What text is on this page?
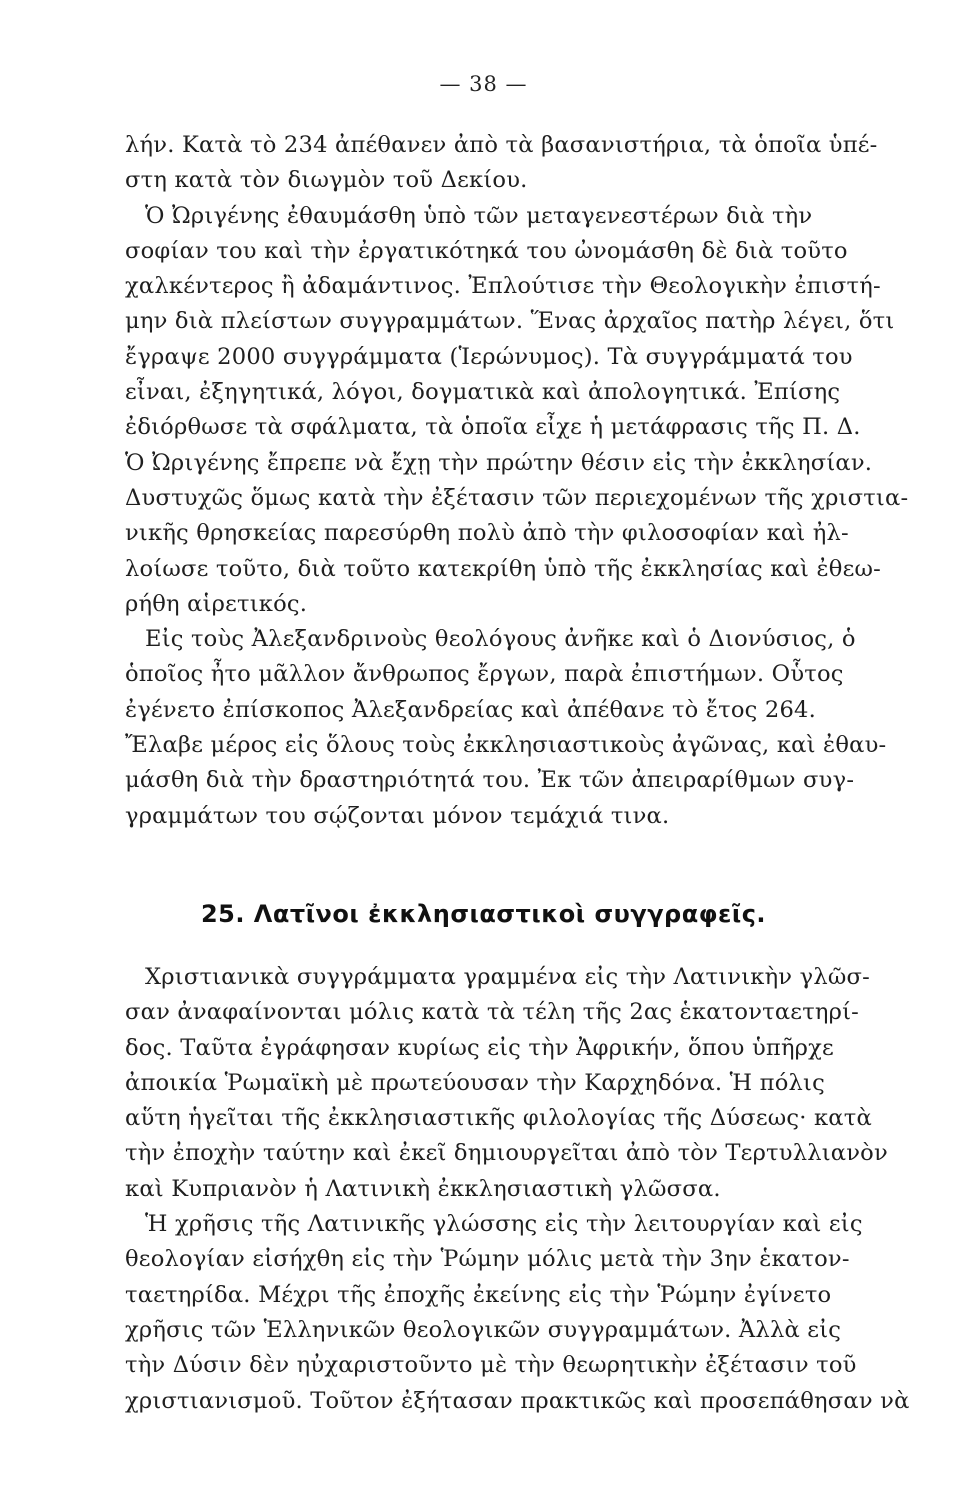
— 38 —
λήν. Κατὰ τὸ 234 ἀπέθανεν ἀπὸ τὰ βασανιστήρια, τὰ ὁποῖα ὑπέ-
στη κατὰ τὸν διωγμὸν τοῦ Δεκίου.
Ὁ Ὠριγένης ἐθαυμάσθη ὑπὸ τῶν μεταγενεστέρων διὰ τὴν
σοφίαν του καὶ τὴν ἐργατικότηκά του ὠνομάσθη δὲ διὰ τοῦτο
χαλκέντερος ἢ ἀδαμάντινος. Ἐπλούτισε τὴν Θεολογικὴν ἐπιστή-
μην διὰ πλείστων συγγραμμάτων. Ἕνας ἀρχαῖος πατὴρ λέγει, ὅτι
ἔγραψε 2000 συγγράμματα (Ἱερώνυμος). Τὰ συγγράμματά του
εἶναι, ἐξηγητικά, λόγοι, δογματικὰ καὶ ἀπολογητικά. Ἐπίσης
ἐδιόρθωσε τὰ σφάλματα, τὰ ὁποῖα εἶχε ἡ μετάφρασις τῆς Π. Δ.
Ὁ Ὠριγένης ἔπρεπε νὰ ἔχῃ τὴν πρώτην θέσιν εἰς τὴν ἐκκλησίαν.
Δυστυχῶς ὅμως κατὰ τὴν ἐξέτασιν τῶν περιεχομένων τῆς χριστια-
νικῆς θρησκείας παρεσύρθη πολὺ ἀπὸ τὴν φιλοσοφίαν καὶ ἠλ-
λοίωσε τοῦτο, διὰ τοῦτο κατεκρίθη ὑπὸ τῆς ἐκκλησίας καὶ ἐθεω-
ρήθη αἱρετικός.
Εἰς τοὺς Ἀλεξανδρινοὺς θεολόγους ἀνῆκε καὶ ὁ Διονύσιος, ὁ
ὁποῖος ἦτο μᾶλλον ἄνθρωπος ἔργων, παρὰ ἐπιστήμων. Οὗτος
ἐγένετο ἐπίσκοπος Ἀλεξανδρείας καὶ ἀπέθανε τὸ ἔτος 264.
Ἔλαβε μέρος εἰς ὅλους τοὺς ἐκκλησιαστικοὺς ἀγῶνας, καὶ ἐθαυ-
μάσθη διὰ τὴν δραστηριότητά του. Ἐκ τῶν ἀπειραρίθμων συγ-
γραμμάτων του σῴζονται μόνον τεμάχιά τινα.
25. Λατῖνοι ἐκκλησιαστικοὶ συγγραφεῖς.
Χριστιανικὰ συγγράμματα γραμμένα εἰς τὴν Λατινικὴν γλῶσ-
σαν ἀναφαίνονται μόλις κατὰ τὰ τέλη τῆς 2ας ἑκατονταετηρί-
δος. Ταῦτα ἐγράφησαν κυρίως εἰς τὴν Ἀφρικήν, ὅπου ὑπῆρχε
ἀποικία Ῥωμαϊκὴ μὲ πρωτεύουσαν τὴν Καρχηδόνα. Ἡ πόλις
αὕτη ἡγεῖται τῆς ἐκκλησιαστικῆς φιλολογίας τῆς Δύσεως· κατὰ
τὴν ἐποχὴν ταύτην καὶ ἐκεῖ δημιουργεῖται ἀπὸ τὸν Τερτυλλιανὸν
καὶ Κυπριανὸν ἡ Λατινικὴ ἐκκλησιαστικὴ γλῶσσα.
Ἡ χρῆσις τῆς Λατινικῆς γλώσσης εἰς τὴν λειτουργίαν καὶ εἰς
θεολογίαν εἰσήχθη εἰς τὴν Ῥώμην μόλις μετὰ τὴν 3ην ἑκατον-
ταετηρίδα. Μέχρι τῆς ἐποχῆς ἐκείνης εἰς τὴν Ῥώμην ἐγίνετο
χρῆσις τῶν Ἑλληνικῶν θεολογικῶν συγγραμμάτων. Ἀλλὰ εἰς
τὴν Δύσιν δὲν ηὐχαριστοῦντο μὲ τὴν θεωρητικὴν ἐξέτασιν τοῦ
χριστιανισμοῦ. Τοῦτον ἐξήτασαν πρακτικῶς καὶ προσεπάθησαν νὰ
